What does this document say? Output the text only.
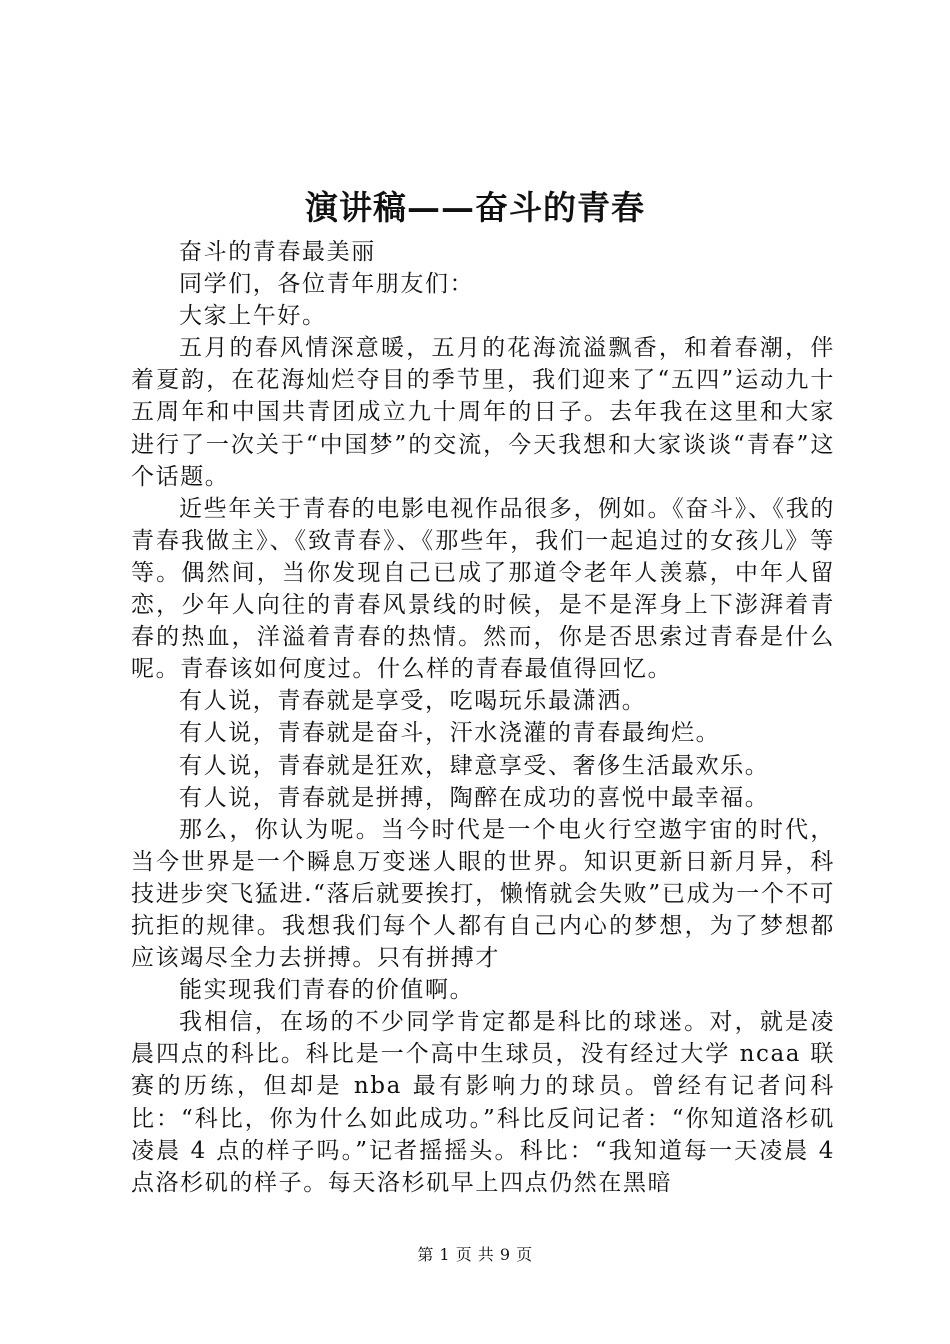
演讲稿——奋斗的青春

奋斗的青春最美丽

同学们，各位青年朋友们：

大家上午好。

五月的春风情深意暖，五月的花海流溢飘香，和着春潮，伴着夏韵，在花海灿烂夺目的季节里，我们迎来了“五四”运动九十五周年和中国共青团成立九十周年的日子。去年我在这里和大家进行了一次关于“中国梦”的交流，今天我想和大家谈谈“青春”这个话题。

近些年关于青春的电影电视作品很多，例如。《奋斗》、《我的青春我做主》、《致青春》、《那些年，我们一起追过的女孩儿》等等。偶然间，当你发现自己已成了那道令老年人羡慕，中年人留恋，少年人向往的青春风景线的时候，是不是浑身上下澎湃着青春的热血，洋溢着青春的热情。然而，你是否思索过青春是什么呢。青春该如何度过。什么样的青春最值得回忆。

有人说，青春就是享受，吃喝玩乐最潇洒。

有人说，青春就是奋斗，汗水浇灌的青春最绚烂。

有人说，青春就是狂欢，肆意享受、奢侈生活最欢乐。

有人说，青春就是拼搏，陶醉在成功的喜悦中最幸福。

那么，你认为呢。当今时代是一个电火行空遨宇宙的时代，当今世界是一个瞬息万变迷人眼的世界。知识更新日新月异，科技进步突飞猛进.“落后就要挨打，懒惰就会失败”已成为一个不可抗拒的规律。我想我们每个人都有自己内心的梦想，为了梦想都应该竭尽全力去拼搏。只有拼搏才

能实现我们青春的价值啊。

我相信，在场的不少同学肯定都是科比的球迷。对，就是凌晨四点的科比。科比是一个高中生球员，没有经过大学 ncaa 联赛的历练，但却是 nba 最有影响力的球员。曾经有记者问科比：“科比，你为什么如此成功。”科比反问记者：“你知道洛杉矶凌晨 4 点的样子吗。”记者摇摇头。科比：“我知道每一天凌晨 4 点洛杉矶的样子。每天洛杉矶早上四点仍然在黑暗

第 1 页 共 9 页
